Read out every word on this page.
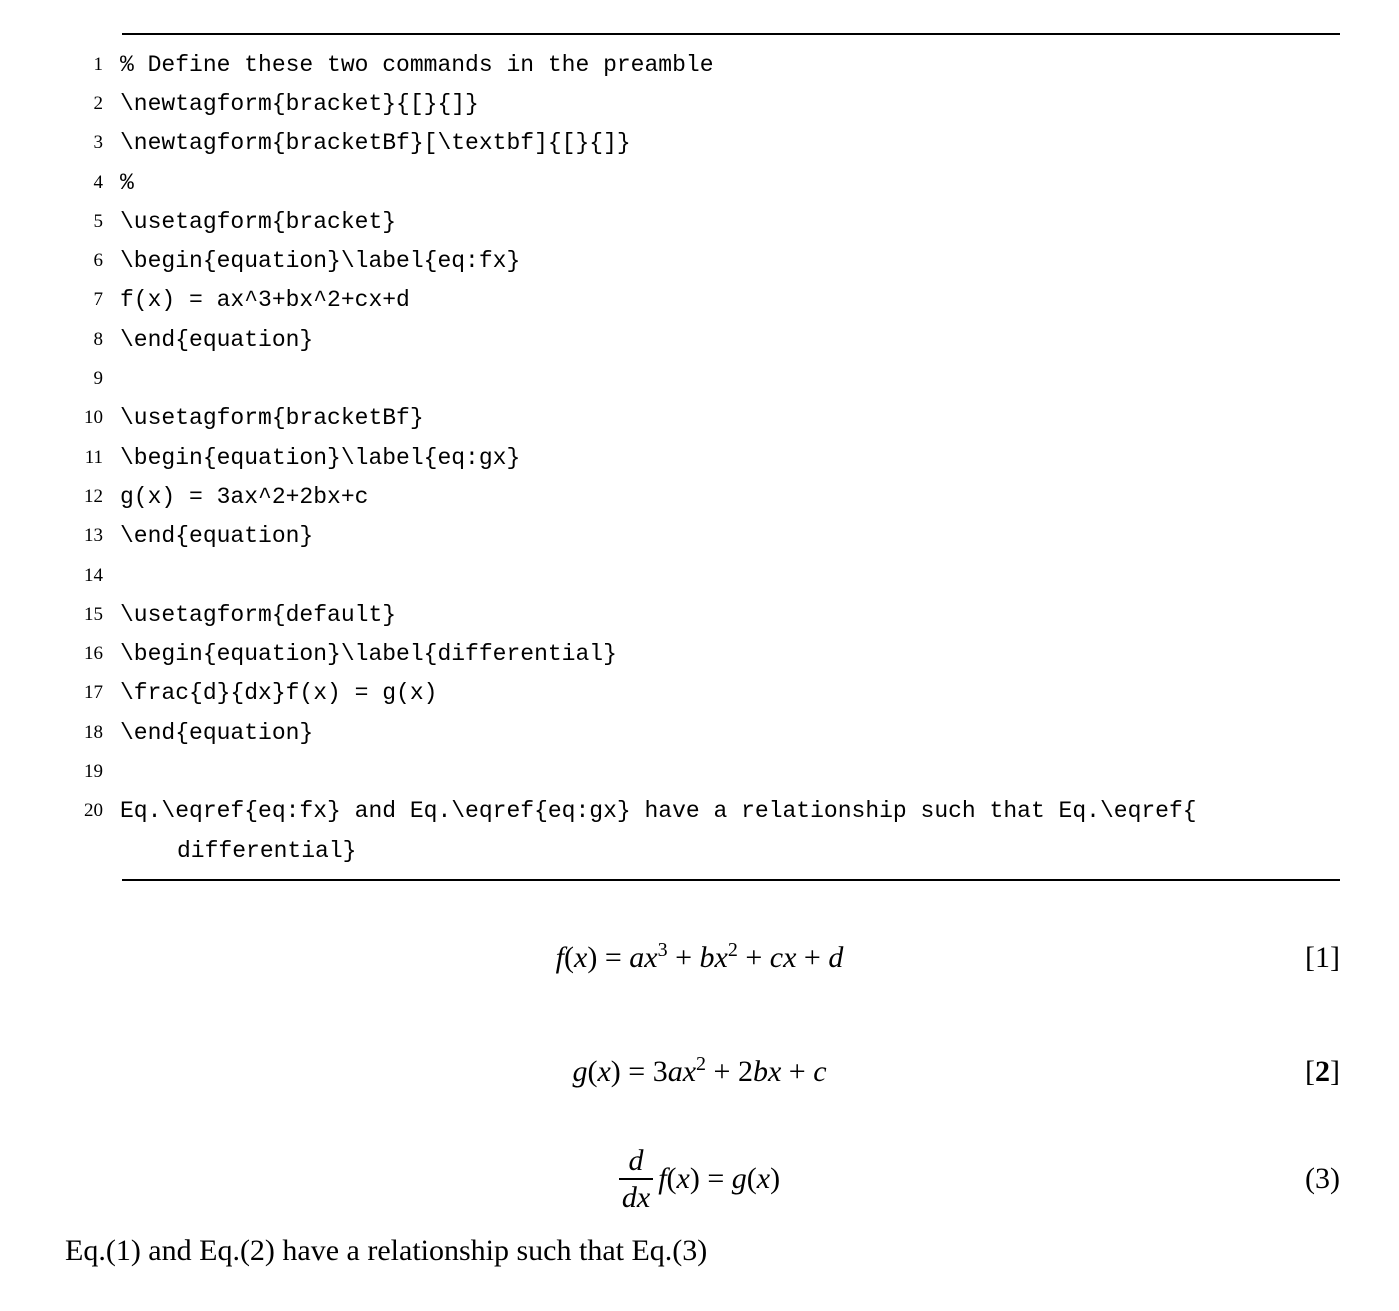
1 % Define these two commands in the preamble
2 \newtagform{bracket}{[}{]}
3 \newtagform{bracketBf}[\textbf]{[}{]}
4 %
5 \usetagform{bracket}
6 \begin{equation}\label{eq:fx}
7 f(x) = ax^3+bx^2+cx+d
8 \end{equation}
9
10 \usetagform{bracketBf}
11 \begin{equation}\label{eq:gx}
12 g(x) = 3ax^2+2bx+c
13 \end{equation}
14
15 \usetagform{default}
16 \begin{equation}\label{differential}
17 \frac{d}{dx}f(x) = g(x)
18 \end{equation}
19
20 Eq.\eqref{eq:fx} and Eq.\eqref{eq:gx} have a relationship such that Eq.\eqref{
differential}
$f(x) = ax^3 + bx^2$ + cx + d	[1]
$g(x) = 3ax^2 + 2bx + c$	[2]
$\frac{d}{dx} f(x) = g(x)$	(3)
Eq.(1) and Eq.(2) have a relationship such that Eq.(3)
